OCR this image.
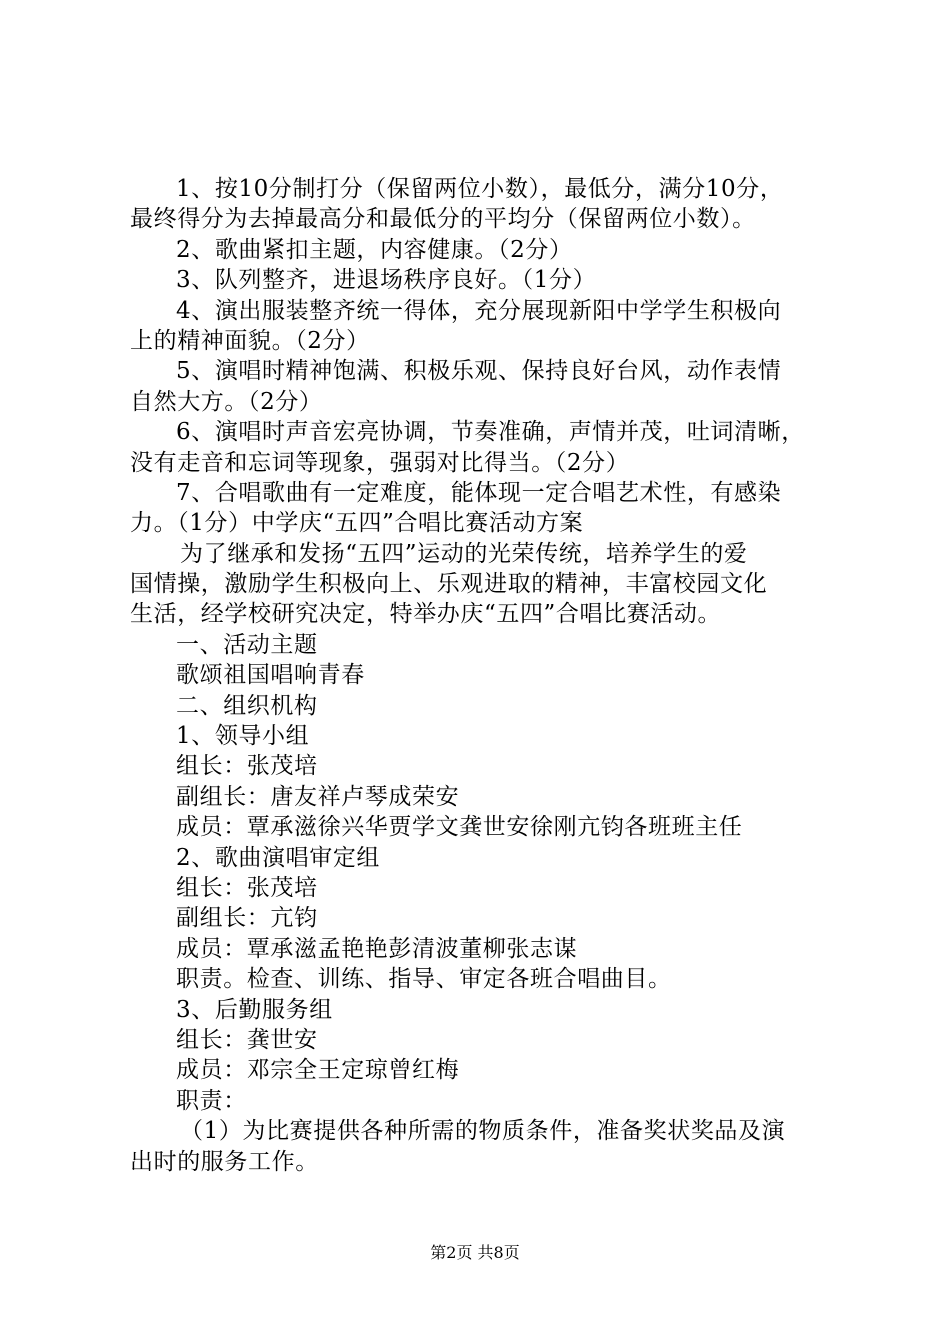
1、按10分制打分（保留两位小数），最低分，满分10分，
最终得分为去掉最高分和最低分的平均分（保留两位小数）。
2、歌曲紧扣主题，内容健康。（2分）
3、队列整齐，进退场秩序良好。（1分）
4、演出服装整齐统一得体，充分展现新阳中学学生积极向
上的精神面貌。（2分）
5、演唱时精神饱满、积极乐观、保持良好台风，动作表情
自然大方。（2分）
6、演唱时声音宏亮协调，节奏准确，声情并茂，吐词清晰，
没有走音和忘词等现象，强弱对比得当。（2分）
7、合唱歌曲有一定难度，能体现一定合唱艺术性，有感染
力。（1分）中学庆“五四”合唱比赛活动方案
为了继承和发扬“五四”运动的光荣传统，培养学生的爱
国情操，激励学生积极向上、乐观进取的精神，丰富校园文化
生活，经学校研究决定，特举办庆“五四”合唱比赛活动。
一、活动主题
歌颂祖国唱响青春
二、组织机构
1、领导小组
组长：张茂培
副组长：唐友祥卢琴成荣安
成员：覃承滋徐兴华贾学文龚世安徐刚亢钧各班班主任
2、歌曲演唱审定组
组长：张茂培
副组长：亢钧
成员：覃承滋孟艳艳彭清波董柳张志谋
职责。检查、训练、指导、审定各班合唱曲目。
3、后勤服务组
组长：龚世安
成员：邓宗全王定琼曾红梅
职责：
（1）为比赛提供各种所需的物质条件，准备奖状奖品及演
出时的服务工作。
第2页 共8页
